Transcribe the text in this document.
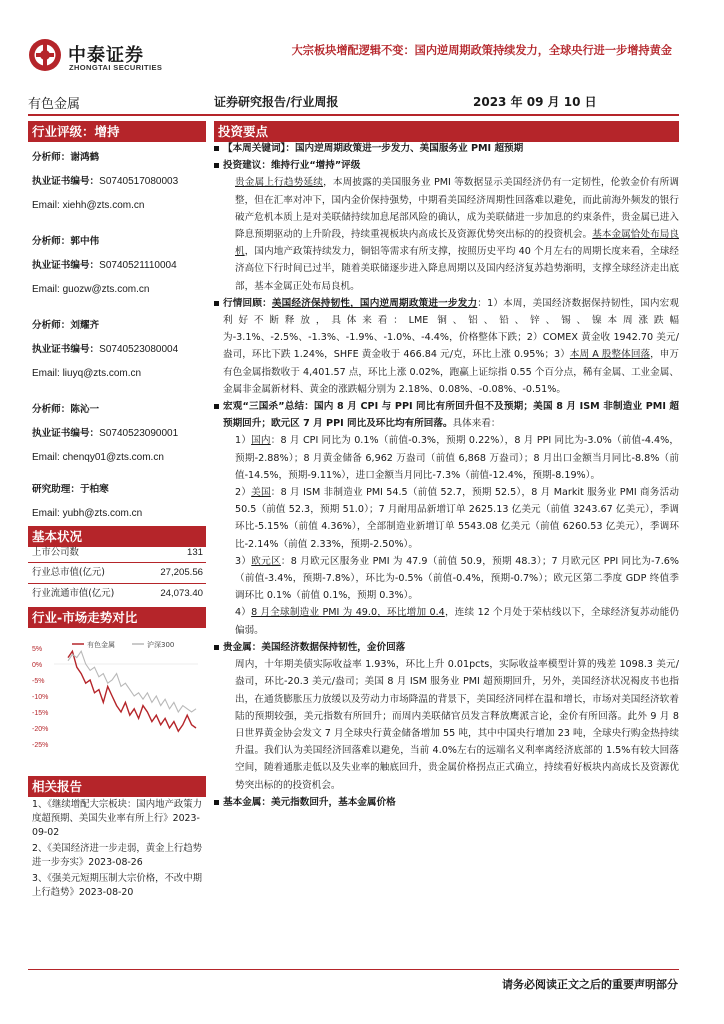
中泰证券
ZHONGTAI SECURITIES
大宗板块增配逻辑不变：国内逆周期政策持续发力，全球央行进一步增持黄金
有色金属	证券研究报告/行业周报	2023 年 09 月 10 日
行业评级：增持
分析师：谢鸿鹤
执业证书编号：S0740517080003
Email: xiehh@zts.com.cn
分析师：郭中伟
执业证书编号：S0740521110004
Email: guozw@zts.com.cn
分析师：刘耀齐
执业证书编号：S0740523080004
Email: liuyq@zts.com.cn
分析师：陈沁一
执业证书编号：S0740523090001
Email: chenqy01@zts.com.cn
研究助理：于柏寒
Email: yubh@zts.com.cn
基本状况
上市公司数	131
行业总市值(亿元)	27,205.56
行业流通市值(亿元)	24,073.40
行业-市场走势对比
5%
0%
-5%
-10%
-15%
-20%
-25%
有色金属	沪深300
相关报告

1、《继续增配大宗板块：国内地产政策力度超预期、美国失业率有所上行》2023-09-02

2、《美国经济进一步走弱，黄金上行趋势进一步夯实》2023-08-26

3、《强美元短期压制大宗价格，不改中期上行趋势》2023-08-20

投资要点
【本周关键词】：国内逆周期政策进一步发力、美国服务业 PMI 超预期
投资建议：维持行业“增持”评级
贵金属上行趋势延续，本周披露的美国服务业 PMI 等数据显示美国经济仍有一定韧性，伦敦金价有所调整，但在汇率对冲下，国内金价保持强势，中期看美国经济周期性回落难以避免，而此前海外频发的银行破产危机本质上是对美联储持续加息尾部风险的确认，成为美联储进一步加息的约束条件，贵金属已进入降息预期驱动的上升阶段，持续重视板块内高成长及资源优势突出标的的投资机会。基本金属恰处布局良机，国内地产政策持续发力，铜铝等需求有所支撑，按照历史平均 40 个月左右的周期长度来看，全球经济高位下行时间已过半，随着美联储逐步进入降息周期以及国内经济复苏趋势渐明，支撑全球经济走出底部，基本金属正处布局良机。
行情回顾：美国经济保持韧性，国内逆周期政策进一步发力：1）本周，美国经济数据保持韧性，国内宏观利好不断释放，具体来看：LME 铜、铝、铅、锌、锡、镍本周涨跌幅为-3.1%、-2.5%、-1.3%、-1.9%、-1.0%、-4.4%，价格整体下跌；2）COMEX 黄金收 1942.70 美元/盎司，环比下跌 1.24%，SHFE 黄金收于 466.84 元/克，环比上涨 0.95%；3）本周 A 股整体回落，申万有色金属指数收于 4,401.57 点，环比上涨 0.02%，跑赢上证综指 0.55 个百分点，稀有金属、工业金属、金属非金属新材料、黄金的涨跌幅分别为 2.18%、0.08%、-0.08%、-0.51%。
宏观“三国杀”总结：国内 8 月 CPI 与 PPI 同比有所回升但不及预期；美国 8 月 ISM 非制造业 PMI 超预期回升；欧元区 7 月 PPI 同比及环比均有所回落。具体来看：
1）国内：8 月 CPI 同比为 0.1%（前值-0.3%，预期 0.22%），8 月 PPI 同比为-3.0%（前值-4.4%，预期-2.88%）；8 月黄金储备 6,962 万盎司（前值 6,868 万盎司）；8 月出口金额当月同比-8.8%（前值-14.5%，预期-9.11%），进口金额当月同比-7.3%（前值-12.4%，预期-8.19%）。
2）美国：8 月 ISM 非制造业 PMI 54.5（前值 52.7，预期 52.5），8 月 Markit 服务业 PMI 商务活动 50.5（前值 52.3，预期 51.0）；7 月耐用品新增订单 2625.13 亿美元（前值 3243.67 亿美元），季调环比-5.15%（前值 4.36%），全部制造业新增订单 5543.08 亿美元（前值 6260.53 亿美元），季调环比-2.14%（前值 2.33%，预期-2.50%）。
3）欧元区：8 月欧元区服务业 PMI 为 47.9（前值 50.9，预期 48.3）；7 月欧元区 PPI 同比为-7.6%（前值-3.4%，预期-7.8%），环比为-0.5%（前值-0.4%，预期-0.7%）；欧元区第二季度 GDP 终值季调环比 0.1%（前值 0.1%，预期 0.3%）。
4）8 月全球制造业 PMI 为 49.0，环比增加 0.4，连续 12 个月处于荣枯线以下，全球经济复苏动能仍偏弱。
贵金属：美国经济数据保持韧性，金价回落
周内，十年期美债实际收益率 1.93%，环比上升 0.01pcts，实际收益率模型计算的残差 1098.3 美元/盎司，环比-20.3 美元/盎司；美国 8 月 ISM 服务业 PMI 超预期回升，另外，美国经济状况褐皮书也指出，在通货膨胀压力放缓以及劳动力市场降温的背景下，美国经济同样在温和增长，市场对美国经济软着陆的预期较强，美元指数有所回升；而周内美联储官员发言释放鹰派言论，金价有所回落。此外 9 月 8 日世界黄金协会发文 7 月全球央行黄金储备增加 55 吨，其中中国央行增加 23 吨，全球央行购金热持续升温。我们认为美国经济回落难以避免，当前 4.0%左右的远端名义利率离经济底部的 1.5%有较大回落空间，随着通胀走低以及失业率的触底回升，贵金属价格拐点正式确立，持续看好板块内高成长及资源优势突出标的的投资机会。
基本金属：美元指数回升，基本金属价格
请务必阅读正文之后的重要声明部分
